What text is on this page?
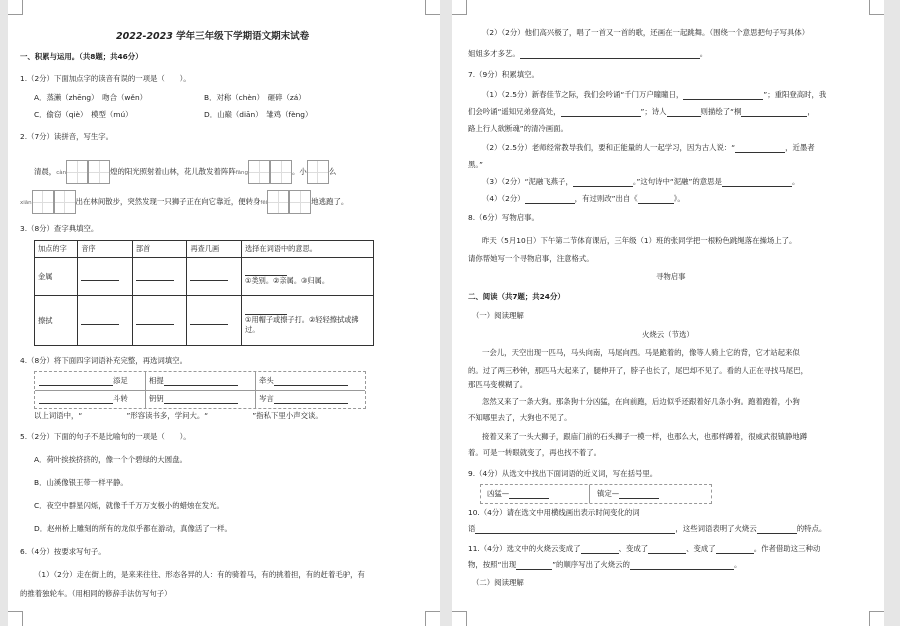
2022-2023 学年三年级下学期语文期末试卷
一、积累与运用。（共8题；共46分）
1.（2分）下面加点字的读音有误的一项是（　　）。
A．蒸濑（zhēng）　吻合（wěn）	B．对称（chèn）　砸碎（zá）
C．偷窃（qiè）　模型（mú）	D．山巅（diān）　雏鸡（fèng）
2.（7分）读拼音，写生字。
清晨，càn	煌的阳光照射着山林，花儿散发着阵阵fāng	。小	么
xiān	出在林间散步，突然发现一只狮子正在向它靠近，便转身fēi	地逃跑了。
3.（8分）查字典填空。
加点的字	音序	部首	再查几画	选择在词语中的意思。
金属				①类别。②亲属。③归属。
擦拭				①用帽子或擦子打。②轻轻擦拭或拂过。
4.（8分）将下面四字词语补充完整，再选词填空。
添足	相提	牵头
斗转	钥钥	岑言
以上词语中，“　　　　　　”形容读书多，学问大。“　　　　　　”指私下里小声交谈。
5.（2分）下面的句子不是比喻句的一项是（　　）。
A．荷叶挨挨挤挤的，像一个个碧绿的大圆盘。
B．山溪像银王带一样平静。
C．夜空中群星闪烁，就像千千万万支极小的蜡烛在发光。
D．赵州桥上雕刻的所有的龙似乎都在游动，真像活了一样。
6.（4分）按要求写句子。
（1）（2分）走在街上的，是来来往往、形态各异的人：有的骑着马，有的挑着担，有的赶着毛驴，有
的推着独轮车。（用相同的修辞手法仿写句子）
（2）（2分）他们高兴极了，唱了一首又一首的歌，还画在一起跳舞。（围绕一个意思把句子写具体）
姐姐多才多艺。	。
7.（9分）积累填空。
（1）（2.5分）新春佳节之际，我们会吟诵“千门万户瞳瞳日，	”；重阳登高时，我
们会吟诵“遥知兄弟登高处，	”；诗人	则描绘了“桐	，
路上行人欲断魂”的清冷画面。
（2）（2.5分）老师经常教导我们，要和正能量的人一起学习，因为古人说：“	，近墨者
黑。”
（3）（2分）“泥融飞燕子，	。”这句诗中“泥融”的意思是	。
（4）（2分）	，有过则改”出自《	》。
8.（6分）写物启事。
昨天（5月10日）下午第二节体育课后，三年级（1）班的张同学把一根粉色跳绳落在操场上了。
请你帮她写一个寻物启事，注意格式。
寻物启事
二、阅读（共7题；共24分）
（一）阅读理解
火烧云（节选）
一会儿，天空出现一匹马，马头向南，马尾向西。马是跪着的，像等人骑上它的背，它才站起来似
的。过了两三秒钟，那匹马大起来了，腿伸开了，脖子也长了，尾巴却不见了。看的人正在寻找马尾巴，
那匹马变模糊了。
忽然又来了一条大狗。那条狗十分凶猛，在向前跑，后边似乎还跟着好几条小狗。跑着跑着，小狗
不知哪里去了，大狗也不见了。
接着又来了一头大狮子，跟庙门前的石头狮子一模一样，也那么大，也那样蹲着，很威武很镇静地蹲
着。可是一转眼就变了，再也找不着了。
9.（4分）从选文中找出下面词语的近义词，写在括号里。
凶猛—	镇定—
10.（4分）请在选文中用横线画出表示时间变化的词
语	，这些词语表明了火烧云	的特点。
11.（4分）选文中的火烧云变成了	、变成了	、变成了	。作者借助这三种动
物，按照“出现	”的顺序写出了火烧云的	。
（二）阅读理解
